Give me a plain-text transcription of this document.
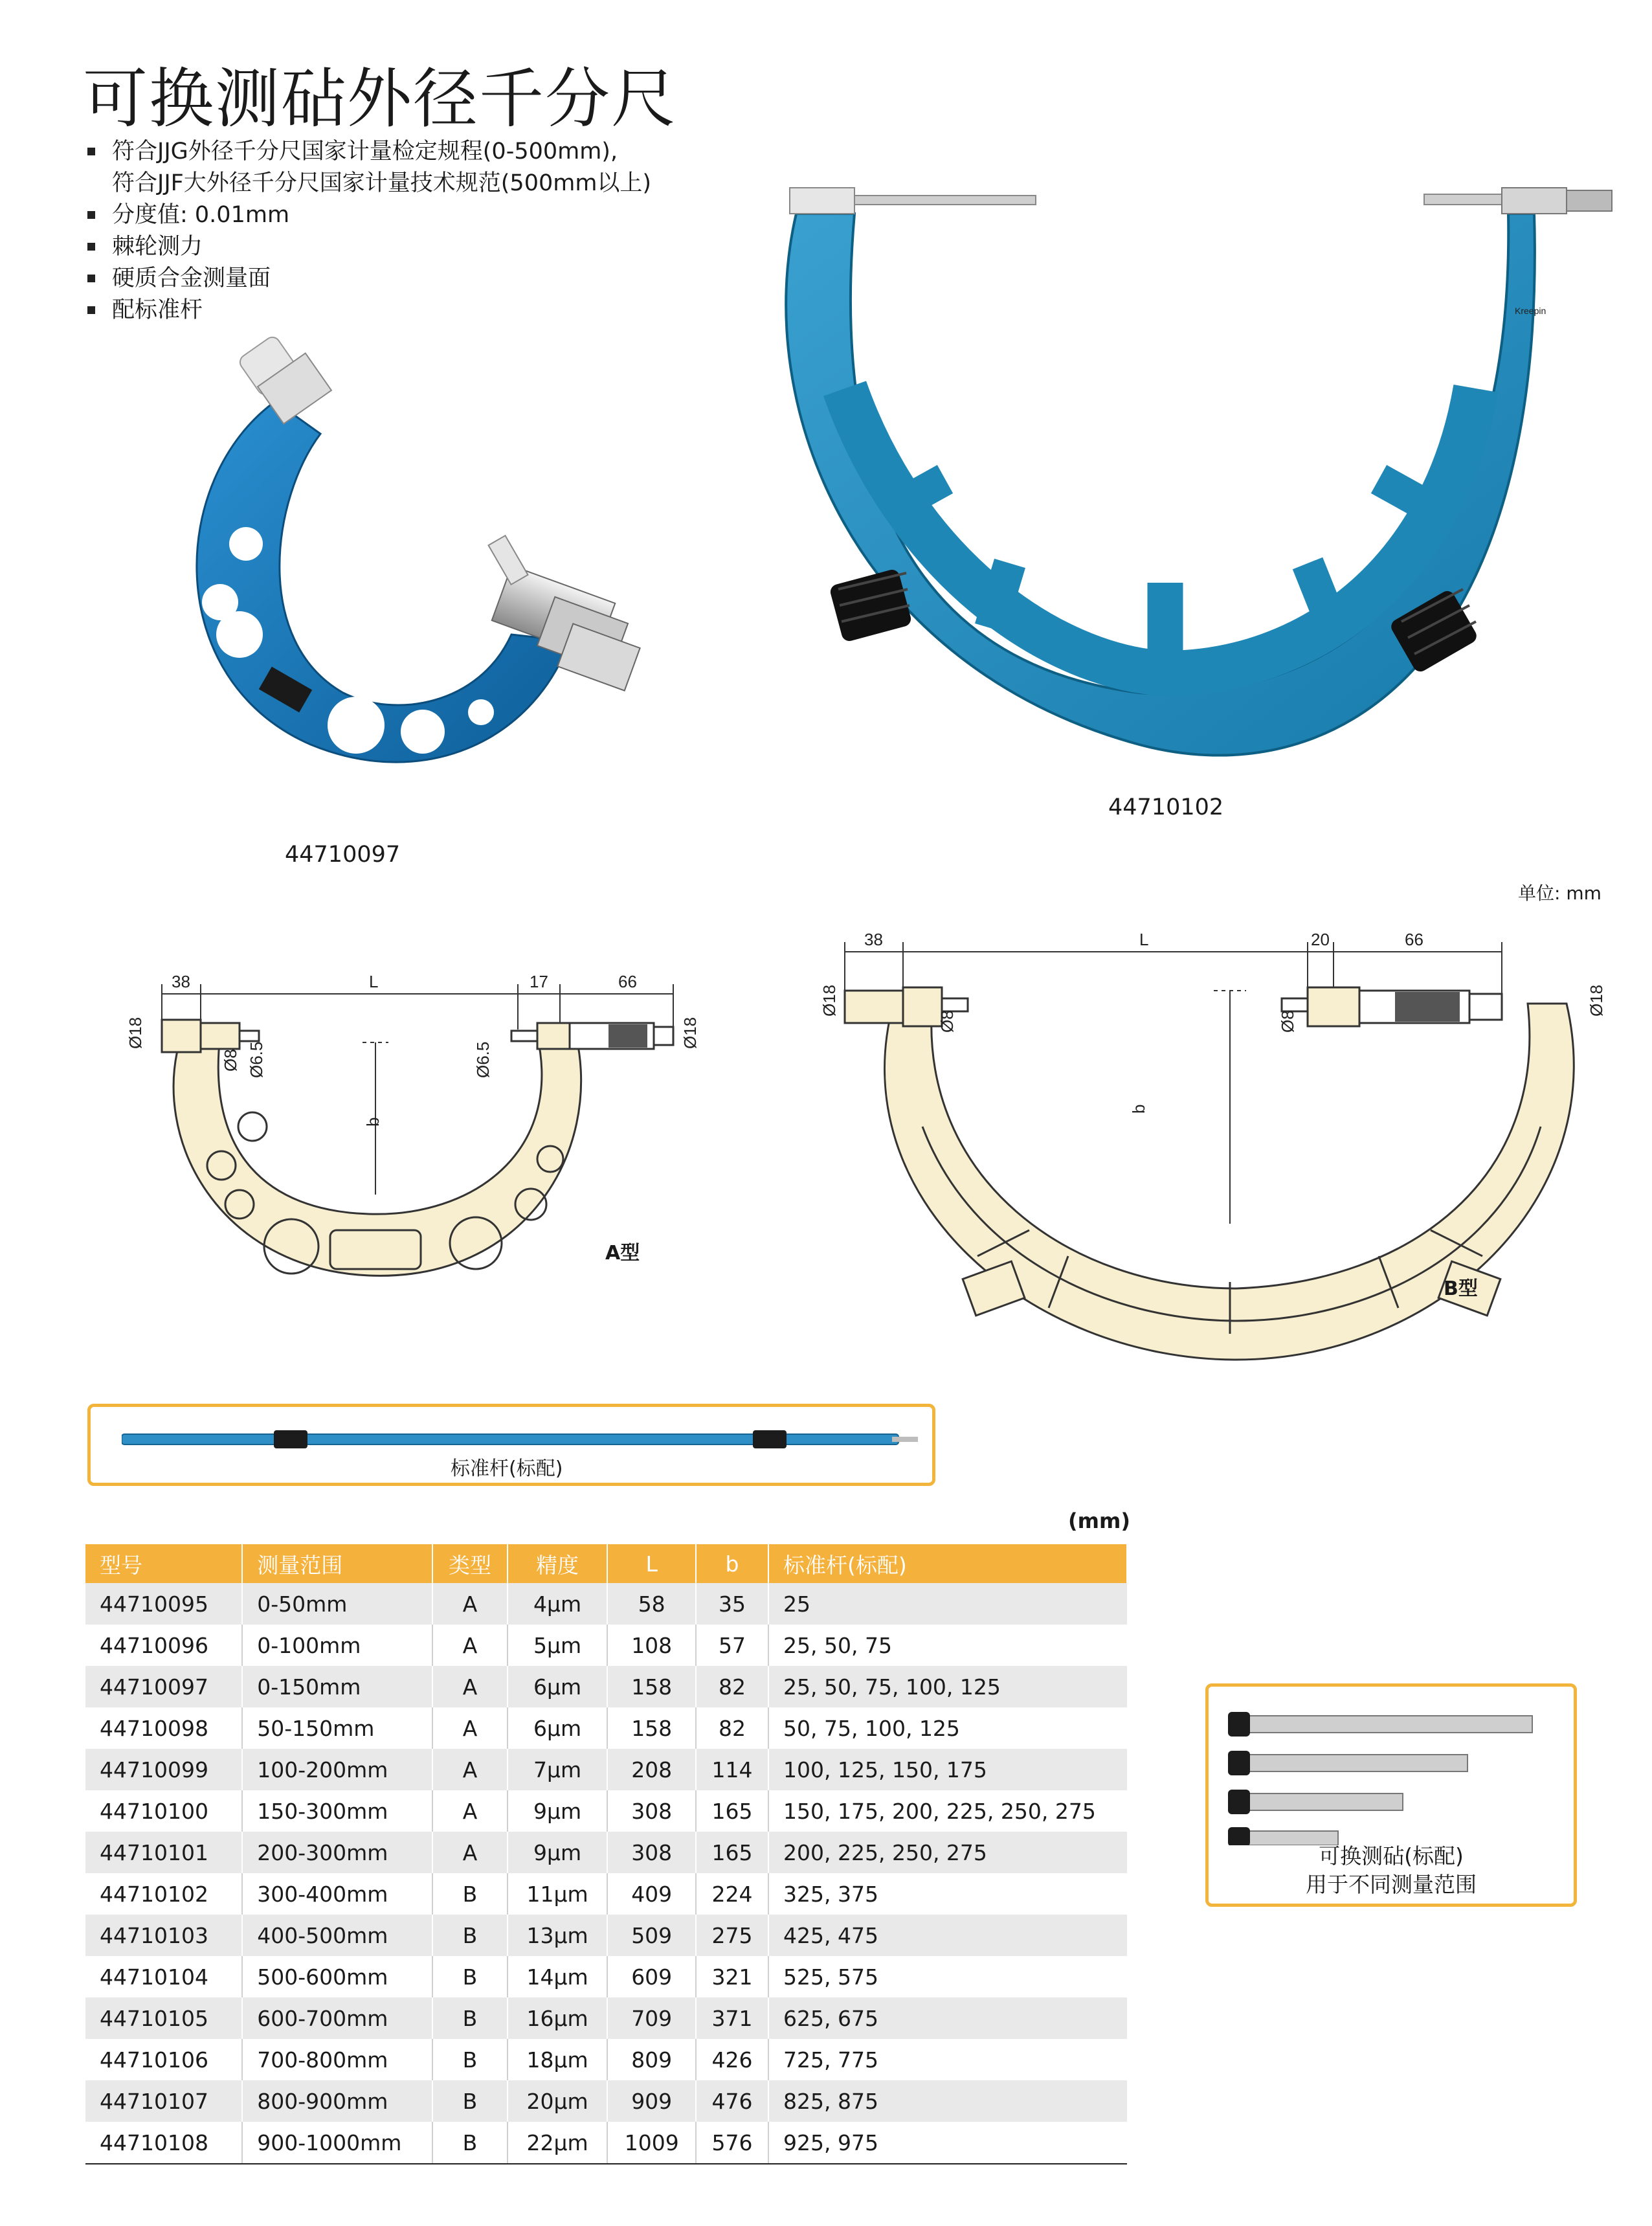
可换测砧外径千分尺
符合JJG外径千分尺国家计量检定规程(0-500mm),
符合JJF大外径千分尺国家计量技术规范(500mm以上)
分度值: 0.01mm
棘轮测力
硬质合金测量面
配标准杆
44710097
Kreepin
44710102
单位: mm
38	L	17	66
b
Ø18
Ø8 Ø6.5	Ø6.5
Ø18
A型
38	L	20	66
b
Ø18
Ø8	Ø8
Ø18
B型
标准杆(标配)
可换测砧(标配)
用于不同测量范围
(mm)
型号	测量范围	类型	精度	L	b	标准杆(标配)
44710095	0-50mm	A	4μm	58	35	25
44710096	0-100mm	A	5μm	108	57	25, 50, 75
44710097	0-150mm	A	6μm	158	82	25, 50, 75, 100, 125
44710098	50-150mm	A	6μm	158	82	50, 75, 100, 125
44710099	100-200mm	A	7μm	208	114	100, 125, 150, 175
44710100	150-300mm	A	9μm	308	165	150, 175, 200, 225, 250, 275
44710101	200-300mm	A	9μm	308	165	200, 225, 250, 275
44710102	300-400mm	B	11μm	409	224	325, 375
44710103	400-500mm	B	13μm	509	275	425, 475
44710104	500-600mm	B	14μm	609	321	525, 575
44710105	600-700mm	B	16μm	709	371	625, 675
44710106	700-800mm	B	18μm	809	426	725, 775
44710107	800-900mm	B	20μm	909	476	825, 875
44710108	900-1000mm	B	22μm	1009	576	925, 975
